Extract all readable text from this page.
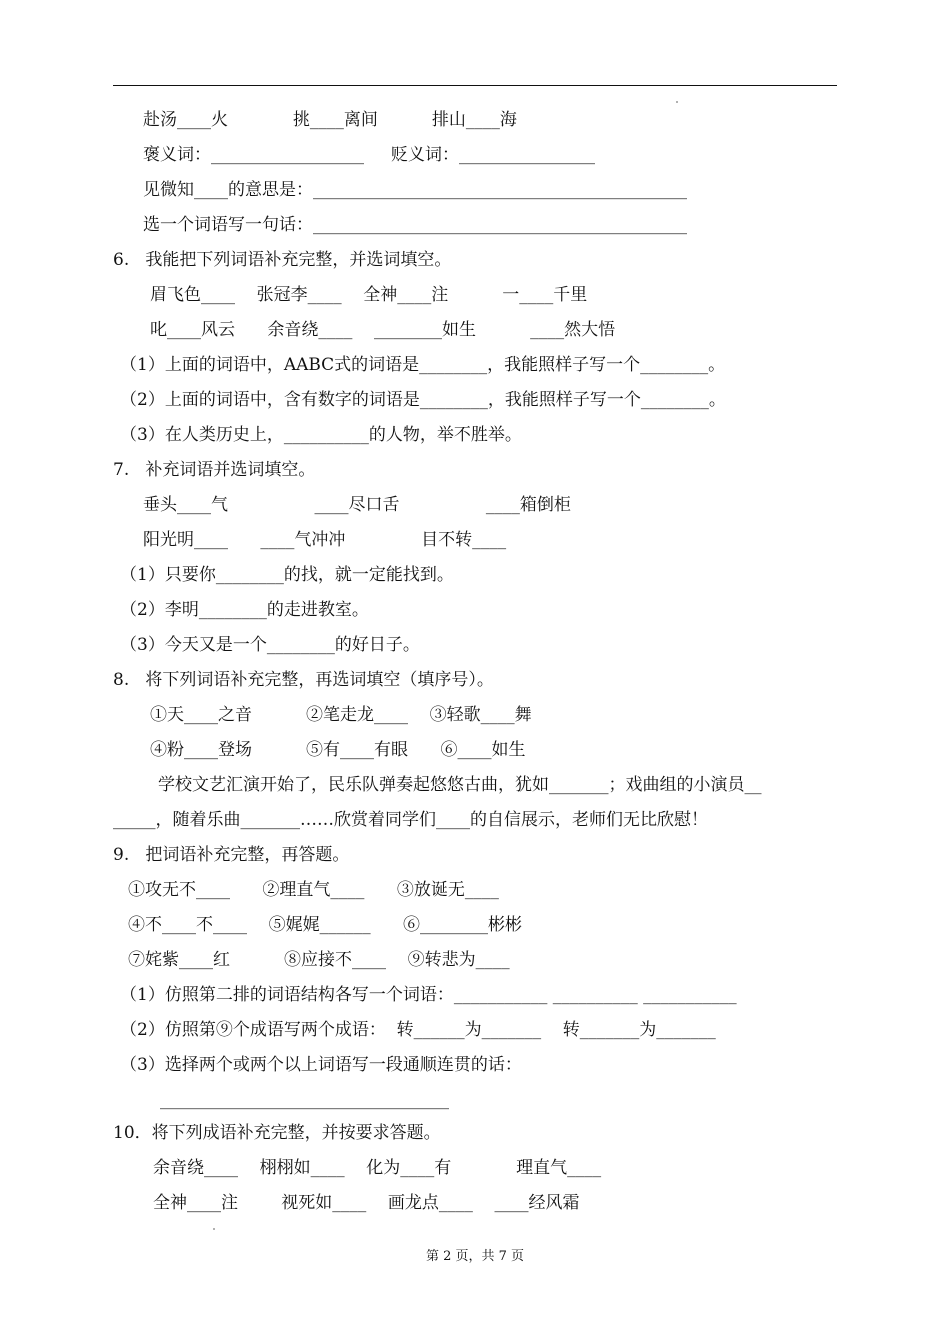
赴汤____火            挑____离间          排山____海
褒义词：__________________     贬义词：________________
见微知____的意思是：____________________________________________
选一个词语写一句话：____________________________________________
6.   我能把下列词语补充完整，并选词填空。
眉飞色____    张冠李____    全神____注          一____千里
叱____风云      余音绕____    ________如生          ____然大悟
（1）上面的词语中，AABC式的词语是________，我能照样子写一个________。
（2）上面的词语中，含有数字的词语是________，我能照样子写一个________。
（3）在人类历史上，__________的人物，举不胜举。
7.   补充词语并选词填空。
垂头____气                ____尽口舌                ____箱倒柜
阳光明____      ____气冲冲              目不转____
（1）只要你________的找，就一定能找到。
（2）李明________的走进教室。
（3）今天又是一个________的好日子。
8.   将下列词语补充完整，再选词填空（填序号）。
①天____之音          ②笔走龙____    ③轻歌____舞
④粉____登场          ⑤有____有眼      ⑥____如生
学校文艺汇演开始了，民乐队弹奏起悠悠古曲，犹如_______；戏曲组的小演员__
_____，随着乐曲_______……欣赏着同学们____的自信展示，老师们无比欣慰！
9.   把词语补充完整，再答题。
①攻无不____      ②理直气____      ③放诞无____
④不____不____    ⑤娓娓______      ⑥________彬彬
⑦姹紫____红          ⑧应接不____    ⑨转悲为____
（1）仿照第二排的词语结构各写一个词语：___________ __________ ___________
（2）仿照第⑨个成语写两个成语：  转______为_______    转_______为_______
（3）选择两个或两个以上词语写一段通顺连贯的话：
__________________________________
10．将下列成语补充完整，并按要求答题。
余音绕____    栩栩如____    化为____有            理直气____
全神____注        视死如____    画龙点____    ____经风霜
第 2 页，共 7 页
